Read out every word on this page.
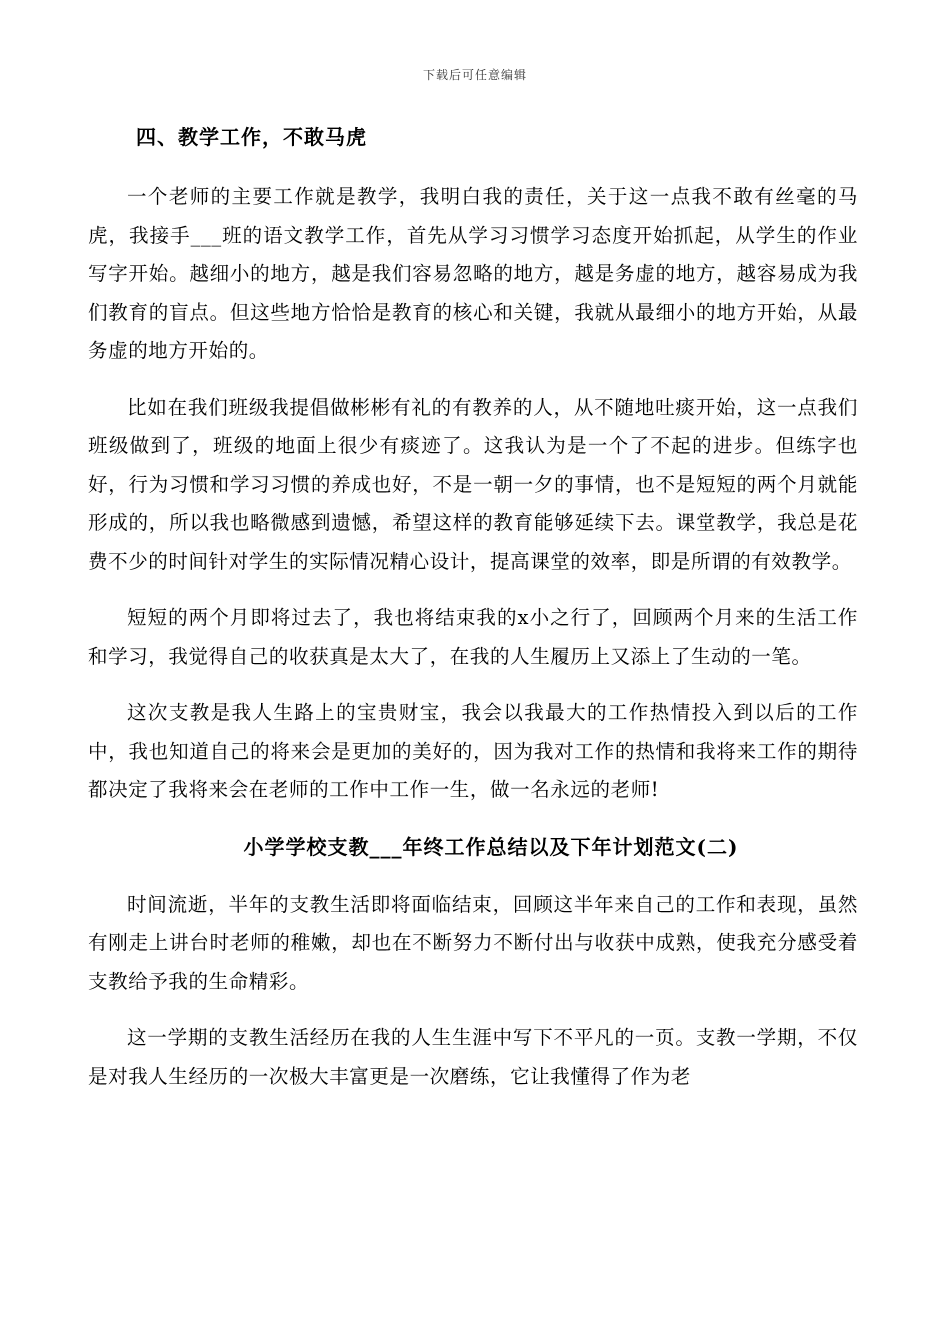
下载后可任意编辑
四、教学工作，不敢马虎

一个老师的主要工作就是教学，我明白我的责任，关于这一点我不敢有丝毫的马虎，我接手___班的语文教学工作，首先从学习习惯学习态度开始抓起，从学生的作业写字开始。越细小的地方，越是我们容易忽略的地方，越是务虚的地方，越容易成为我们教育的盲点。但这些地方恰恰是教育的核心和关键，我就从最细小的地方开始，从最务虚的地方开始的。

比如在我们班级我提倡做彬彬有礼的有教养的人，从不随地吐痰开始，这一点我们班级做到了，班级的地面上很少有痰迹了。这我认为是一个了不起的进步。但练字也好，行为习惯和学习习惯的养成也好，不是一朝一夕的事情，也不是短短的两个月就能形成的，所以我也略微感到遗憾，希望这样的教育能够延续下去。课堂教学，我总是花费不少的时间针对学生的实际情况精心设计，提高课堂的效率，即是所谓的有效教学。

短短的两个月即将过去了，我也将结束我的x小之行了，回顾两个月来的生活工作和学习，我觉得自己的收获真是太大了，在我的人生履历上又添上了生动的一笔。

这次支教是我人生路上的宝贵财宝，我会以我最大的工作热情投入到以后的工作中，我也知道自己的将来会是更加的美好的，因为我对工作的热情和我将来工作的期待都决定了我将来会在老师的工作中工作一生，做一名永远的老师!

小学学校支教___年终工作总结以及下年计划范文(二)

时间流逝，半年的支教生活即将面临结束，回顾这半年来自己的工作和表现，虽然有刚走上讲台时老师的稚嫩，却也在不断努力不断付出与收获中成熟，使我充分感受着支教给予我的生命精彩。

这一学期的支教生活经历在我的人生生涯中写下不平凡的一页。支教一学期，不仅是对我人生经历的一次极大丰富更是一次磨练，它让我懂得了作为老
